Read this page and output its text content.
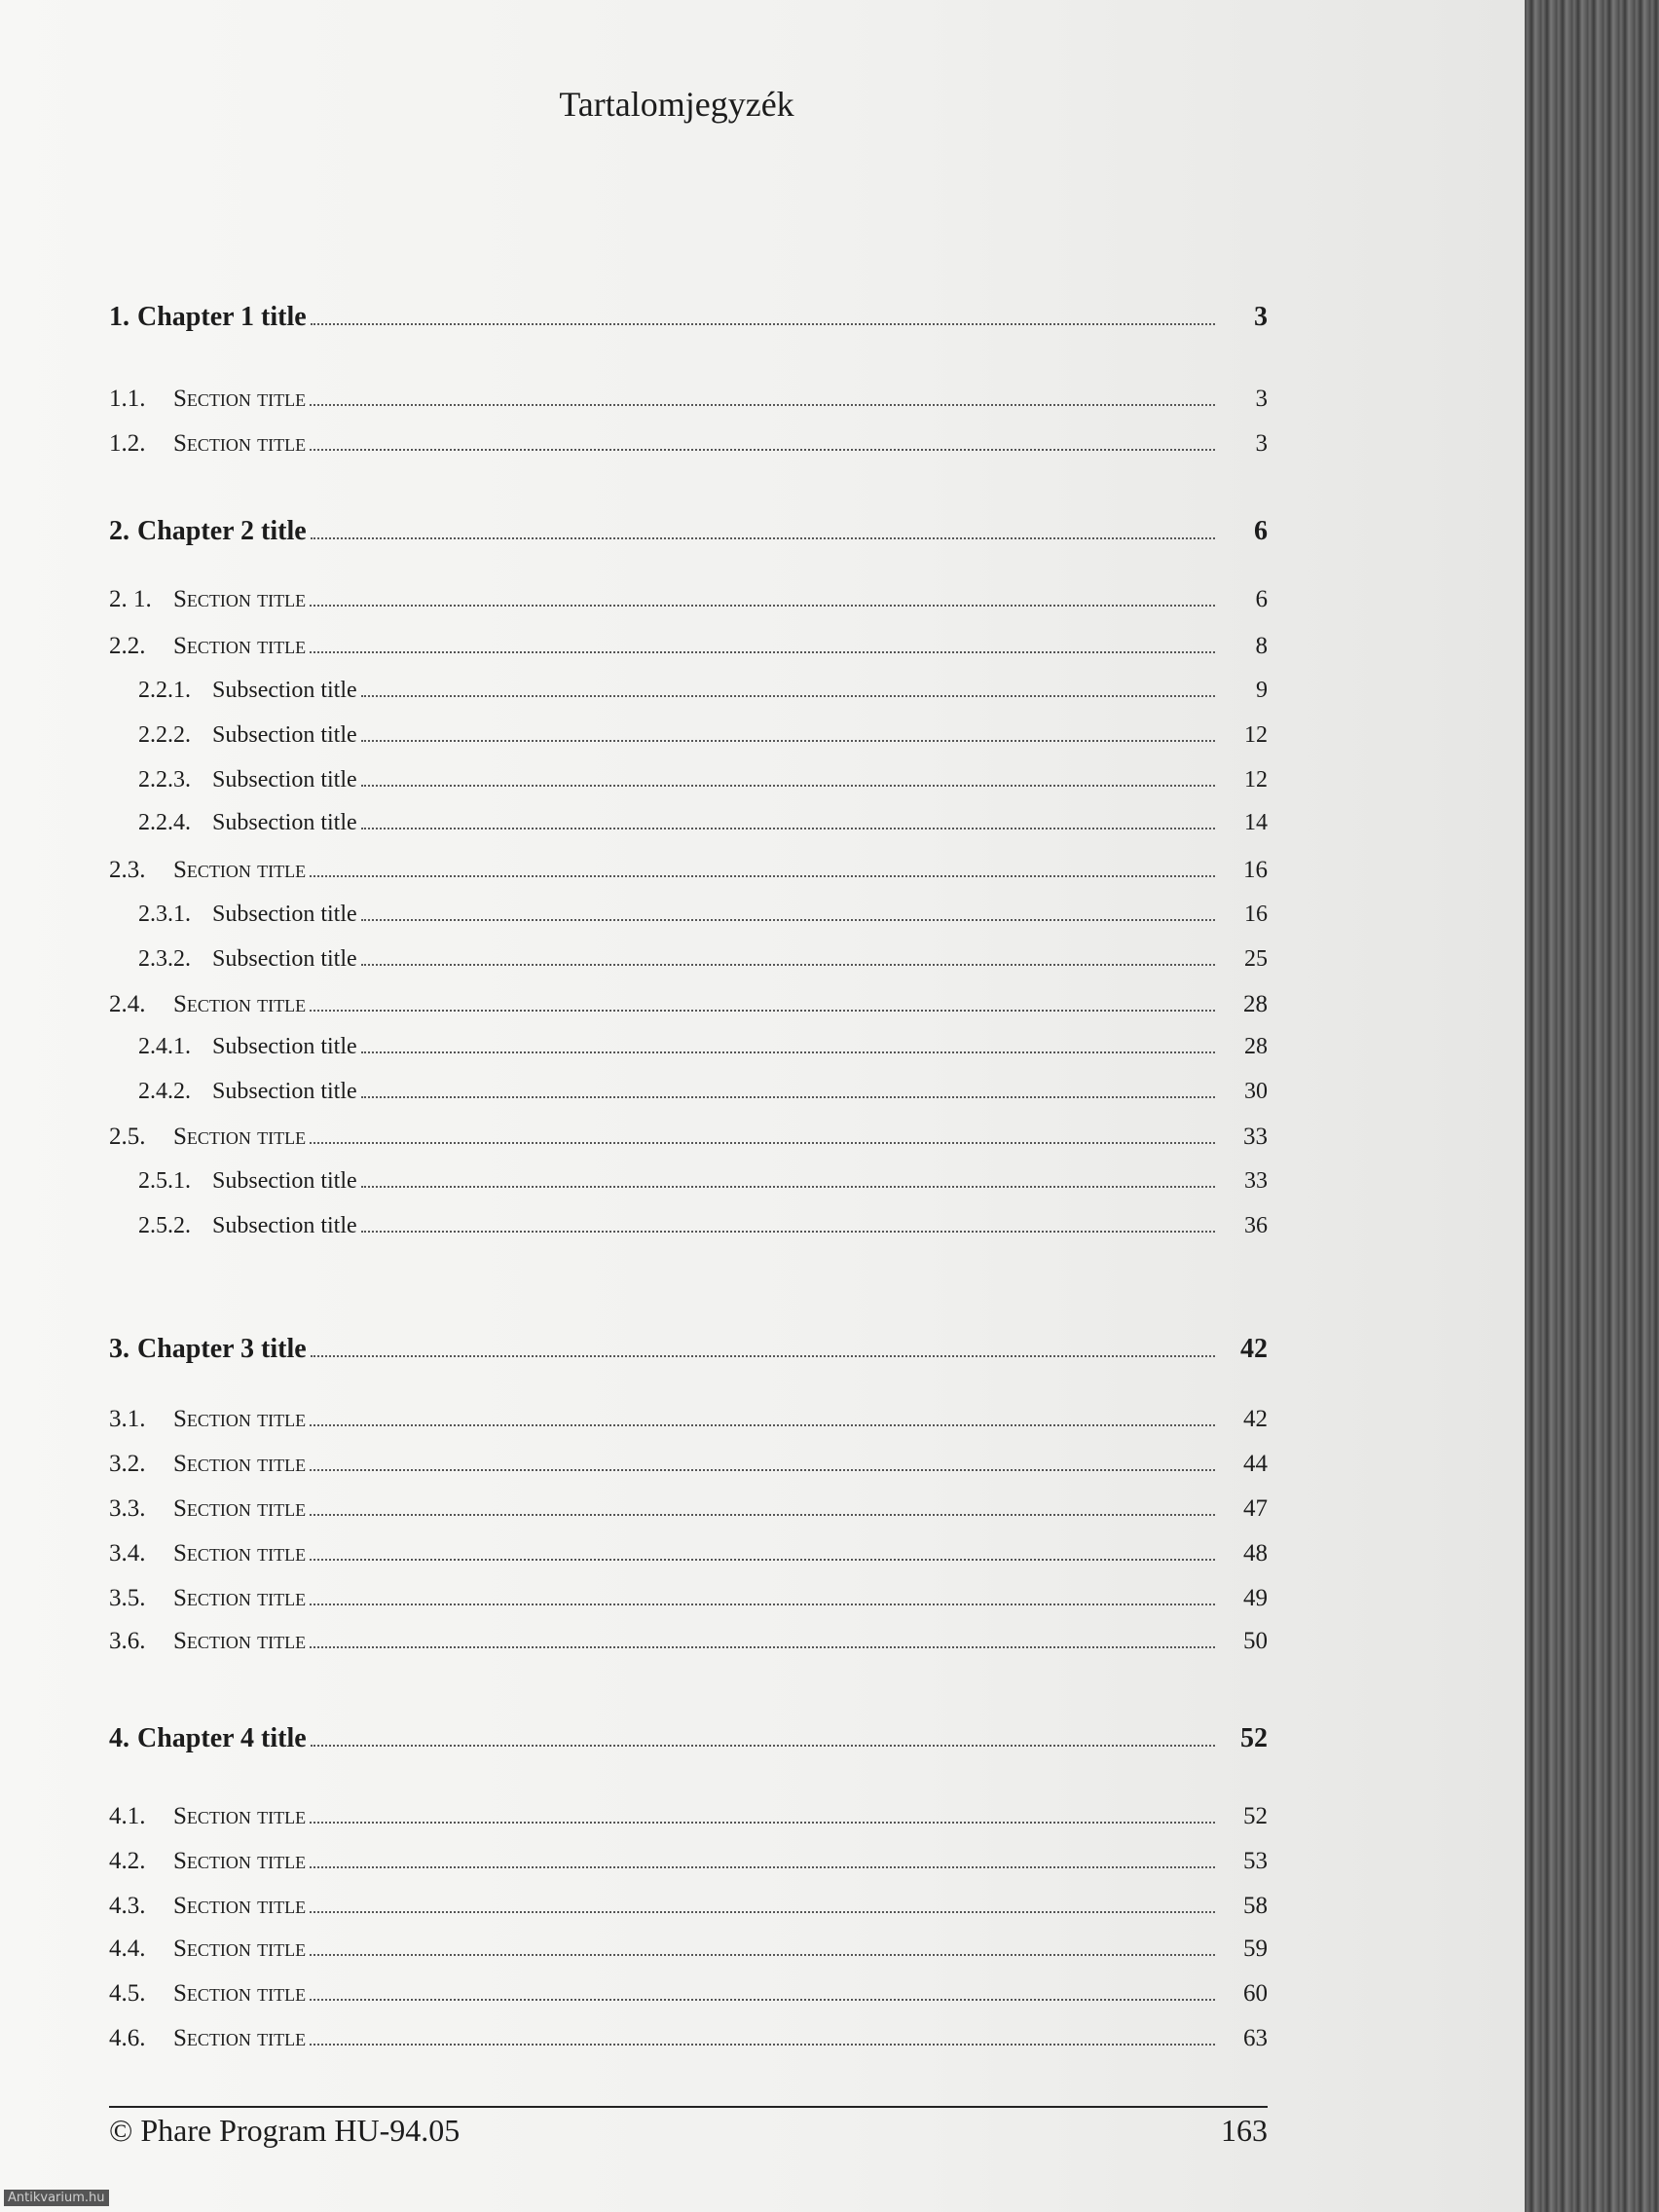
Tartalomjegyzék
1. Chapter 1 title	3
1.1.	Section title	3
1.2.	Section title	3
2. Chapter 2 title	6
2. 1. Section title	6
2.2.	Section title	8
2.2.1. Subsection title	9
2.2.2. Subsection title	12
2.2.3. Subsection title	12
2.2.4. Subsection title	14
2.3.	Section title	16
2.3.1. Subsection title	16
2.3.2. Subsection title	25
2.4.	Section title	28
2.4.1. Subsection title	28
2.4.2. Subsection title	30
2.5.	Section title	33
2.5.1. Subsection title	33
2.5.2. Subsection title	36
3. Chapter 3 title	42
3.1.	Section title	42
3.2.	Section title	44
3.3.	Section title	47
3.4.	Section title	48
3.5.	Section title	49
3.6.	Section title	50
4. Chapter 4 title	52
4.1.	Section title	52
4.2.	Section title	53
4.3.	Section title	58
4.4.	Section title	59
4.5.	Section title	60
4.6.	Section title	63
© Phare Program HU-94.05	163
Antikvarium.hu
